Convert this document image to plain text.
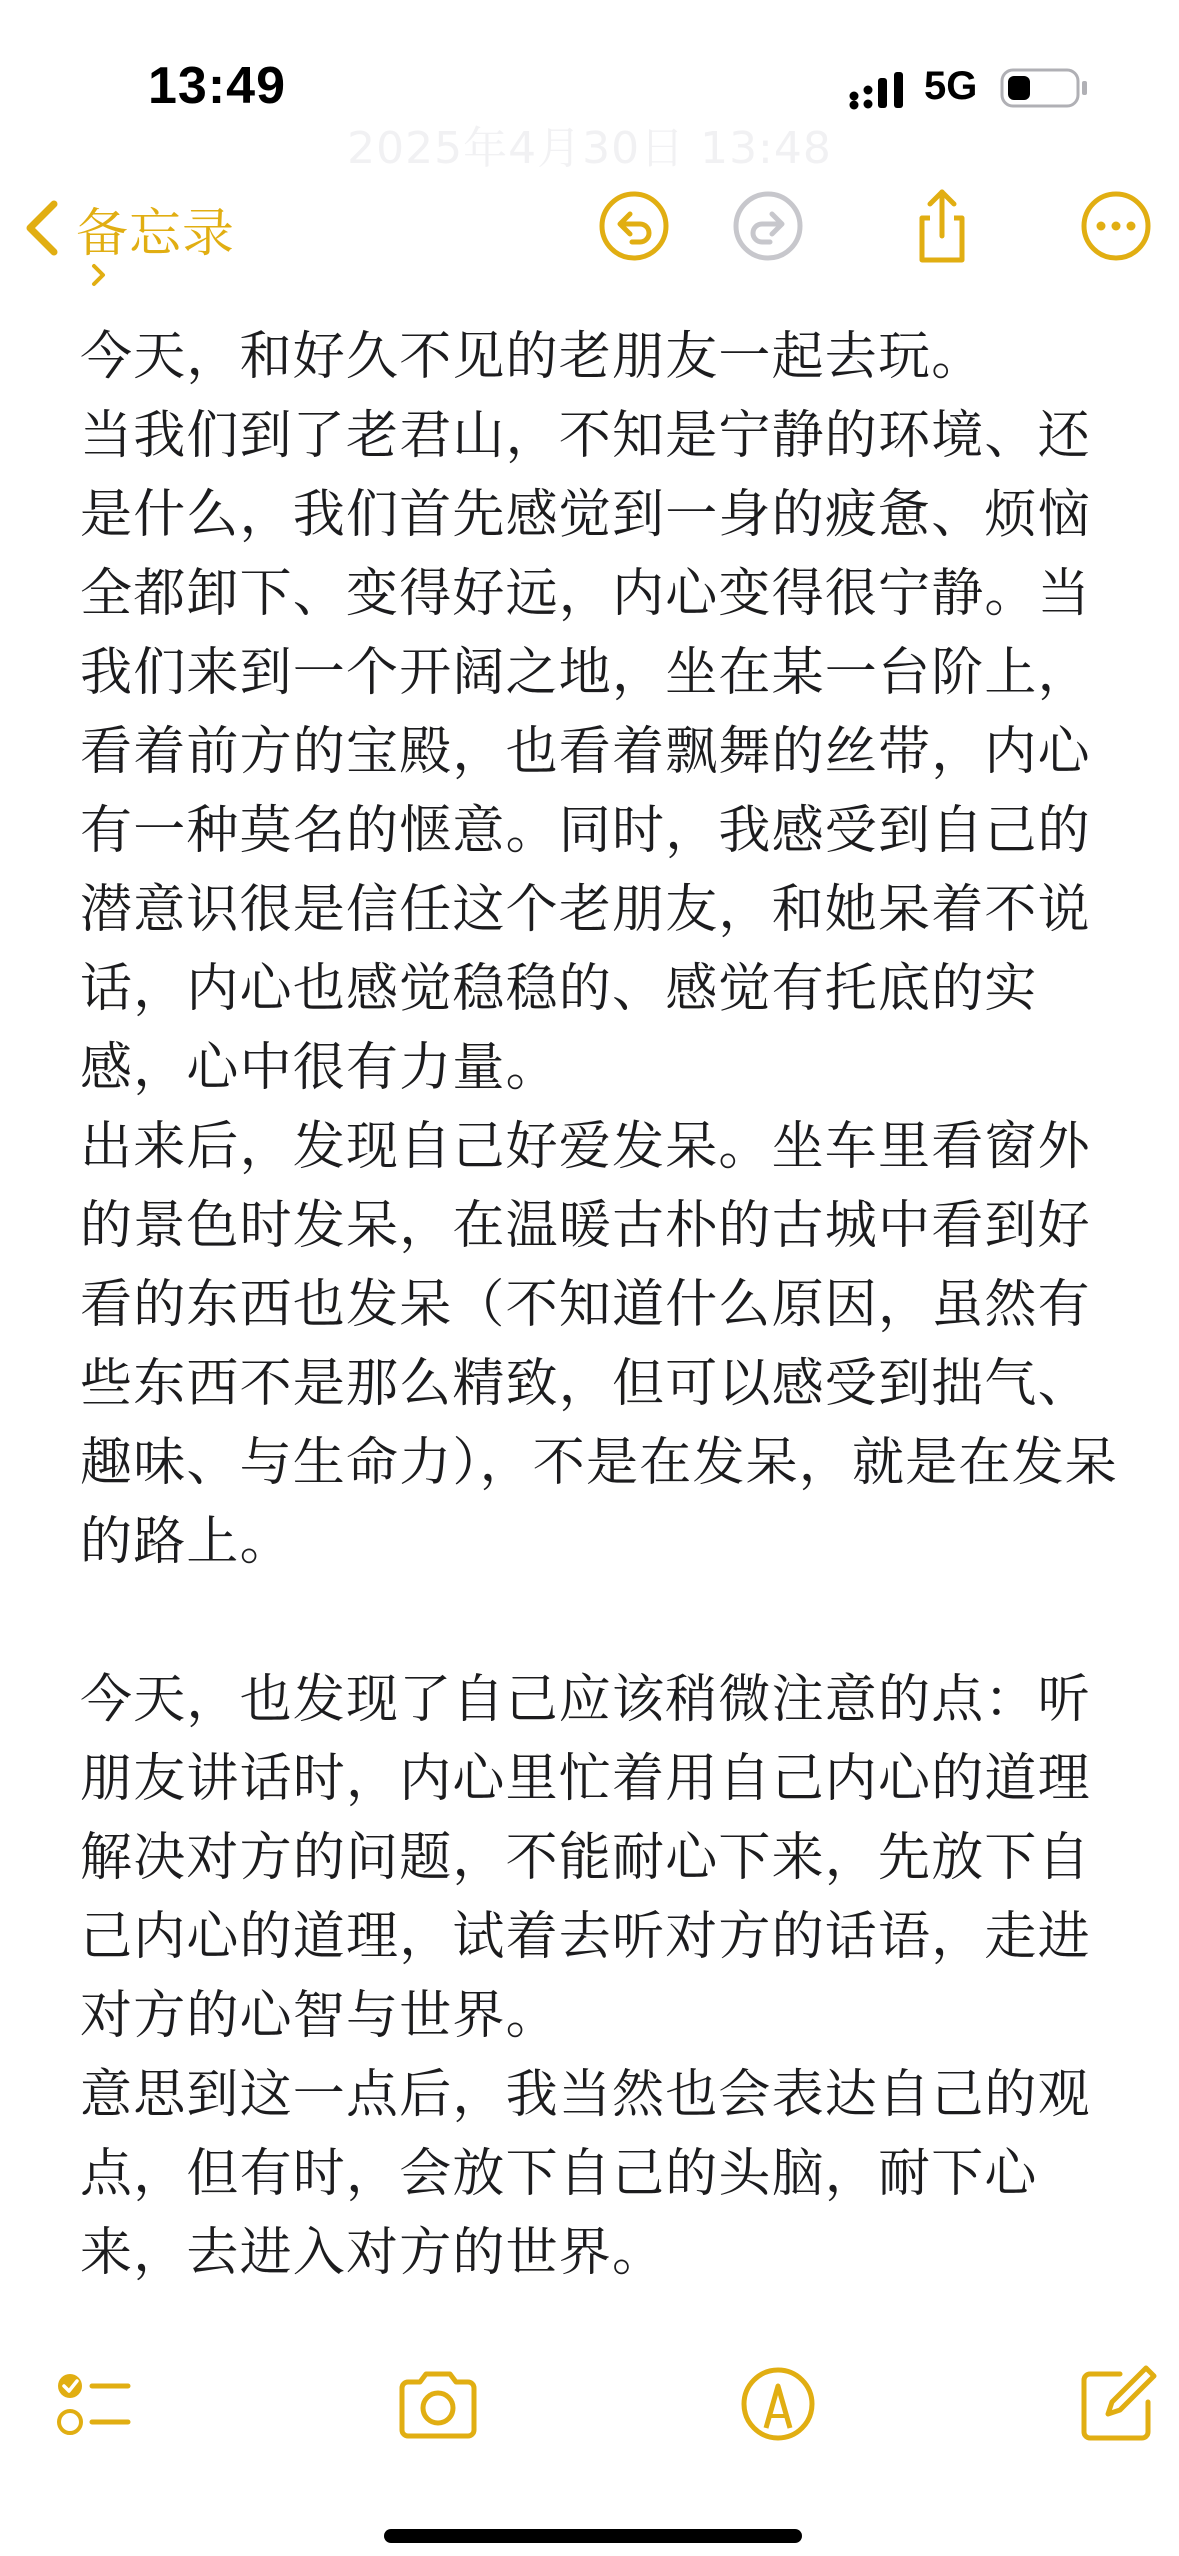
13:49	5G
2025年4月30日 13:48
备忘录
今天，和好久不见的老朋友一起去玩。
当我们到了老君山，不知是宁静的环境、还
是什么，我们首先感觉到一身的疲惫、烦恼
全都卸下、变得好远，内心变得很宁静。当
我们来到一个开阔之地，坐在某一台阶上，
看着前方的宝殿，也看着飘舞的丝带，内心
有一种莫名的惬意。同时，我感受到自己的
潜意识很是信任这个老朋友，和她呆着不说
话，内心也感觉稳稳的、感觉有托底的实
感，心中很有力量。
出来后，发现自己好爱发呆。坐车里看窗外
的景色时发呆，在温暖古朴的古城中看到好
看的东西也发呆（不知道什么原因，虽然有
些东西不是那么精致，但可以感受到拙气、
趣味、与生命力），不是在发呆，就是在发呆
的路上。
今天，也发现了自己应该稍微注意的点：听
朋友讲话时，内心里忙着用自己内心的道理
解决对方的问题，不能耐心下来，先放下自
己内心的道理，试着去听对方的话语，走进
对方的心智与世界。
意思到这一点后，我当然也会表达自己的观
点，但有时，会放下自己的头脑，耐下心
来，去进入对方的世界。
